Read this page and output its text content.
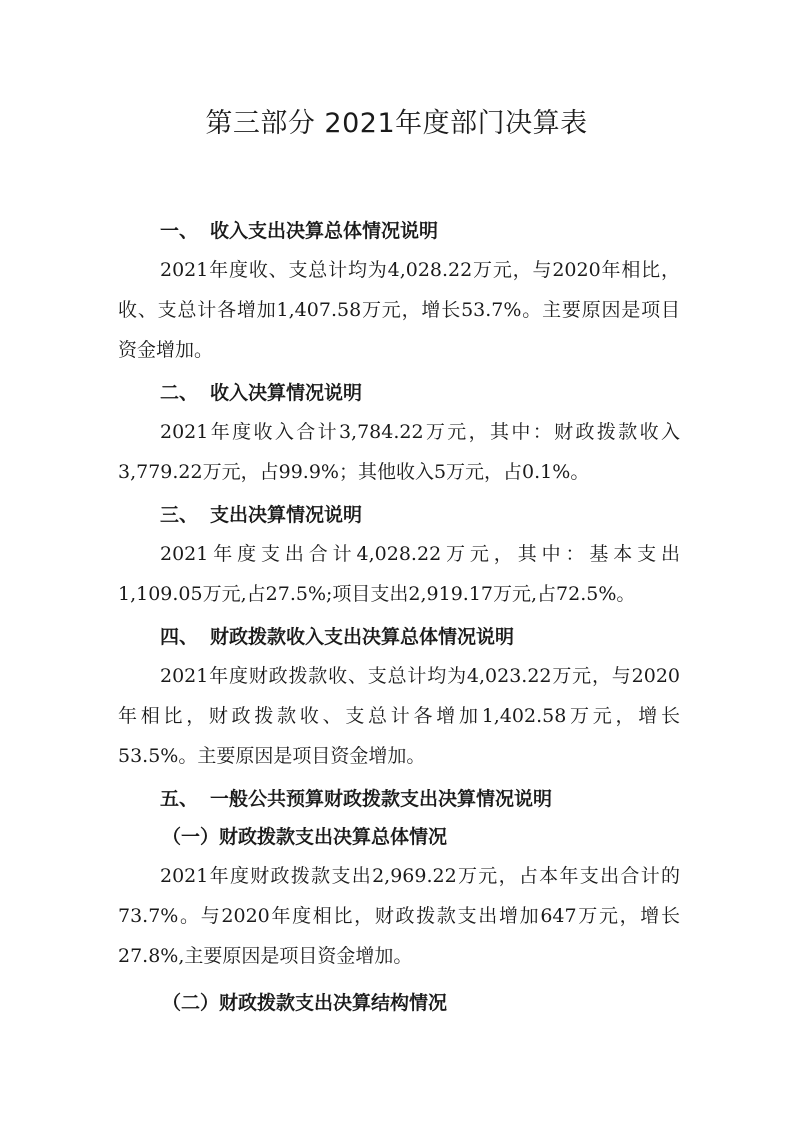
第三部分 2021年度部门决算表
一、 收入支出决算总体情况说明

2021年度收、支总计均为4,028.22万元，与2020年相比，收、支总计各增加1,407.58万元，增长53.7%。主要原因是项目资金增加。

二、 收入决算情况说明

2021年度收入合计3,784.22万元，其中：财政拨款收入3,779.22万元，占99.9%；其他收入5万元，占0.1%。

三、 支出决算情况说明

2021年度支出合计4,028.22万元，其中：基本支出1,109.05万元,占27.5%;项目支出2,919.17万元,占72.5%。

四、 财政拨款收入支出决算总体情况说明

2021年度财政拨款收、支总计均为4,023.22万元，与2020年相比，财政拨款收、支总计各增加1,402.58万元，增长53.5%。主要原因是项目资金增加。

五、 一般公共预算财政拨款支出决算情况说明
（一）财政拨款支出决算总体情况

2021年度财政拨款支出2,969.22万元，占本年支出合计的73.7%。与2020年度相比，财政拨款支出增加647万元，增长27.8%,主要原因是项目资金增加。

（二）财政拨款支出决算结构情况
